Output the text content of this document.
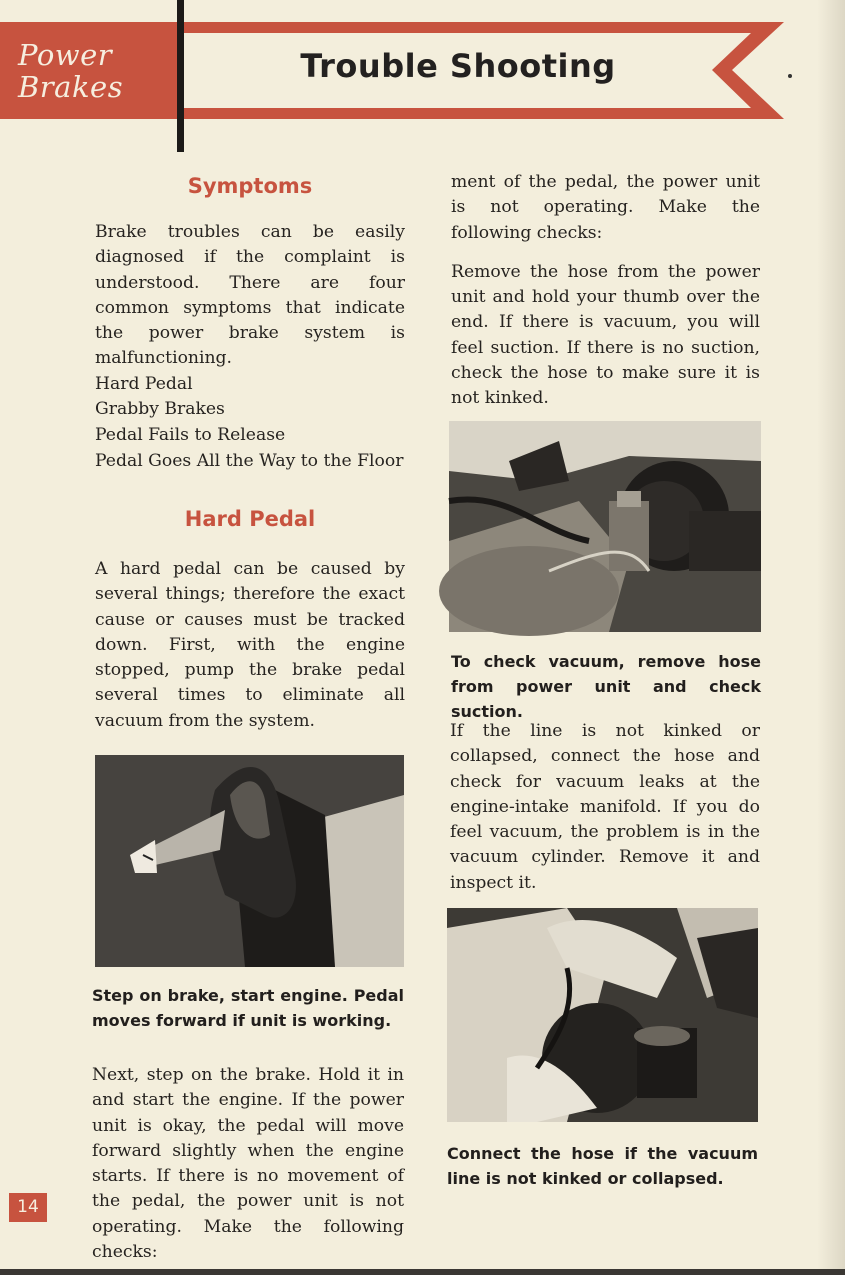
Power
Brakes
Trouble Shooting
Symptoms

Brake troubles can be easily diagnosed if the complaint is understood. There are four common symptoms that indicate the power brake system is malfunctioning.

Hard Pedal

Grabby Brakes

Pedal Fails to Release

Pedal Goes All the Way to the Floor

Hard Pedal

A hard pedal can be caused by several things; therefore the exact cause or causes must be tracked down. First, with the engine stopped, pump the brake pedal several times to eliminate all vacuum from the system.

Step on brake, start engine. Pedal moves forward if unit is working.

Next, step on the brake. Hold it in and start the engine. If the power unit is okay, the pedal will move forward slightly when the engine starts. If there is no movement of the pedal, the power unit is not operating. Make the following checks:

ment of the pedal, the power unit is not operating. Make the following checks:

Remove the hose from the power unit and hold your thumb over the end. If there is vacuum, you will feel suction. If there is no suction, check the hose to make sure it is not kinked.

To check vacuum, remove hose from power unit and check suction.

If the line is not kinked or collapsed, connect the hose and check for vacuum leaks at the engine-intake manifold. If you do feel vacuum, the problem is in the vacuum cylinder. Remove it and inspect it.

Connect the hose if the vacuum line is not kinked or collapsed.

14
